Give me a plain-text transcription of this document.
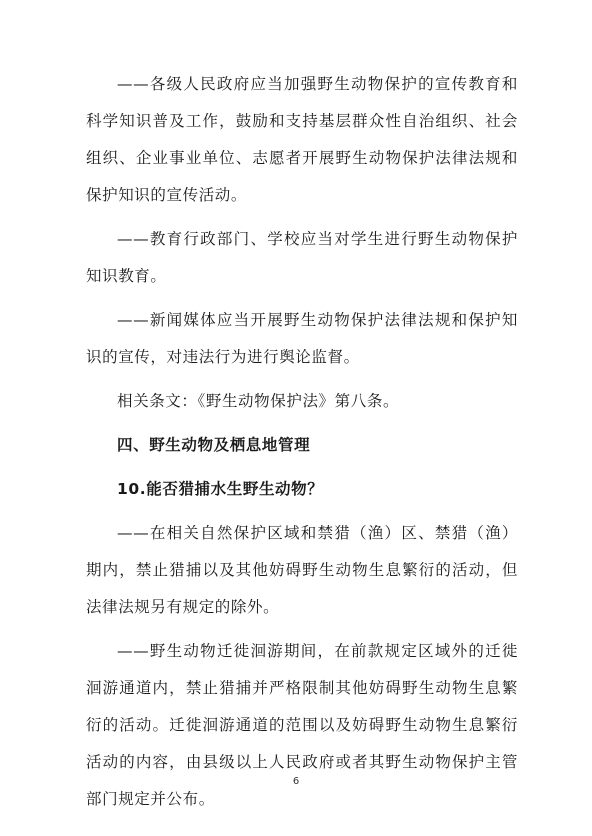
——各级人民政府应当加强野生动物保护的宣传教育和科学知识普及工作，鼓励和支持基层群众性自治组织、社会组织、企业事业单位、志愿者开展野生动物保护法律法规和保护知识的宣传活动。

——教育行政部门、学校应当对学生进行野生动物保护知识教育。

——新闻媒体应当开展野生动物保护法律法规和保护知识的宣传，对违法行为进行舆论监督。

相关条文：《野生动物保护法》第八条。

四、野生动物及栖息地管理

10.能否猎捕水生野生动物？

——在相关自然保护区域和禁猎（渔）区、禁猎（渔）期内，禁止猎捕以及其他妨碍野生动物生息繁衍的活动，但法律法规另有规定的除外。

——野生动物迁徙洄游期间，在前款规定区域外的迁徙洄游通道内，禁止猎捕并严格限制其他妨碍野生动物生息繁衍的活动。迁徙洄游通道的范围以及妨碍野生动物生息繁衍活动的内容，由县级以上人民政府或者其野生动物保护主管部门规定并公布。

6
